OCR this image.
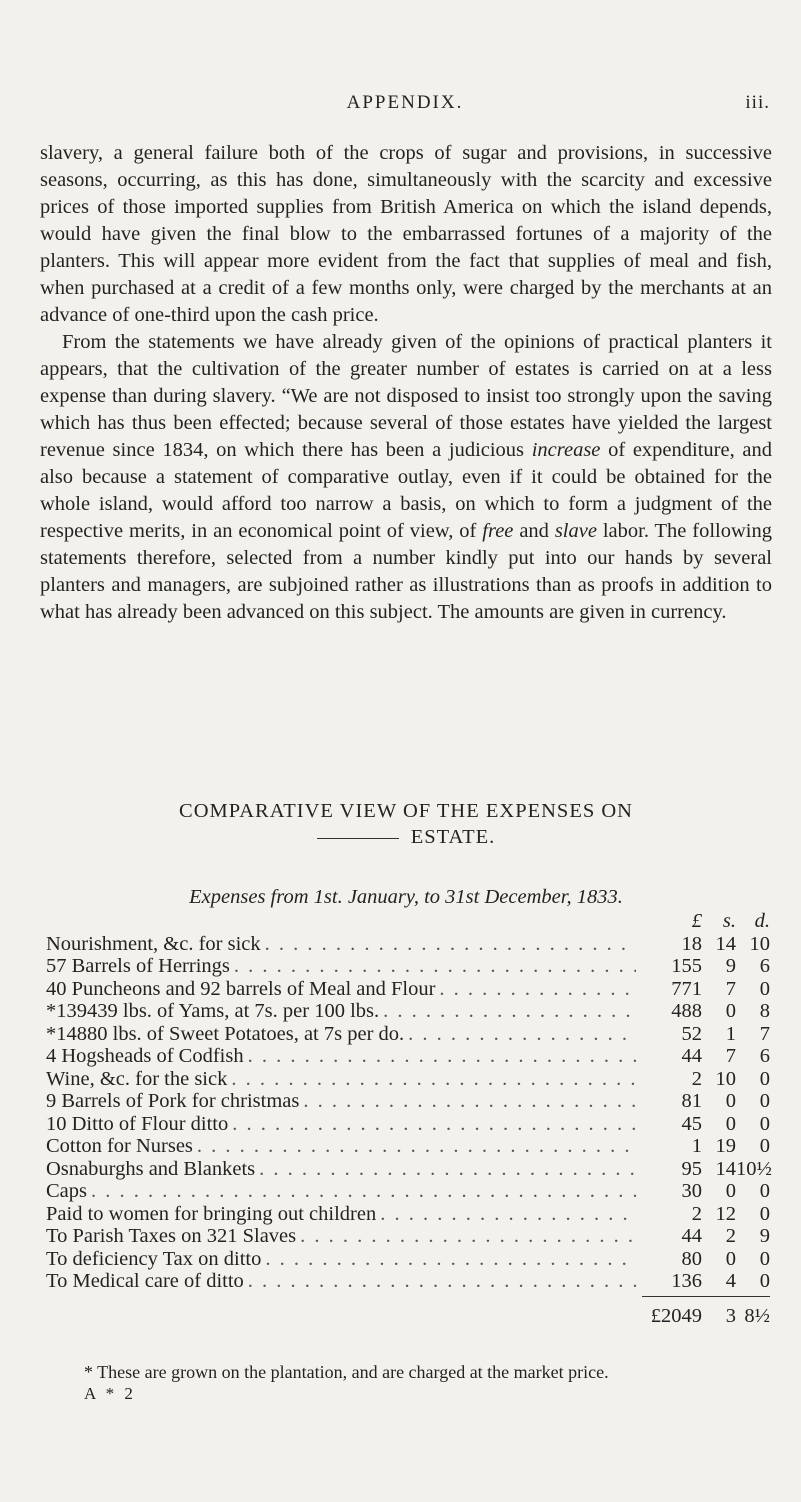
APPENDIX.	iii.

slavery, a general failure both of the crops of sugar and provisions, in successive seasons, occurring, as this has done, simultaneously with the scarcity and excessive prices of those imported supplies from British America on which the island depends, would have given the final blow to the embarrassed fortunes of a majority of the planters. This will appear more evident from the fact that supplies of meal and fish, when purchased at a credit of a few months only, were charged by the merchants at an advance of one-third upon the cash price.

From the statements we have already given of the opinions of practical planters it appears, that the cultivation of the greater number of estates is carried on at a less expense than during slavery. “We are not disposed to insist too strongly upon the saving which has thus been effected; because several of those estates have yielded the largest revenue since 1834, on which there has been a judicious increase of expenditure, and also because a statement of comparative outlay, even if it could be obtained for the whole island, would afford too narrow a basis, on which to form a judgment of the respective merits, in an economical point of view, of free and slave labor. The following statements therefore, selected from a number kindly put into our hands by several planters and managers, are subjoined rather as illustrations than as proofs in addition to what has already been advanced on this subject. The amounts are given in currency.

COMPARATIVE VIEW OF THE EXPENSES ON
ESTATE.
Expenses from 1st. January, to 31st December, 1833.
£	s. d.
Nourishment, &c. for sick . . .	18 14 10
57 Barrels of Herrings . . .	155	9	6
40 Puncheons and 92 barrels of Meal and Flour . . .	771	7	0
*139439 lbs. of Yams, at 7s. per 100 lbs. . . .	488	0	8
*14880 lbs. of Sweet Potatoes, at 7s per do. . . .	52	1	7
4 Hogsheads of Codfish . . .	44	7	6
Wine, &c. for the sick . . .	2 10	0
9 Barrels of Pork for christmas . . .	81	0	0
10 Ditto of Flour ditto . . .	45	0	0
Cotton for Nurses . . .	1 19	0
Osnaburghs and Blankets . . .	95 14 10½
Caps . . .	30	0	0
Paid to women for bringing out children . . .	2 12	0
To Parish Taxes on 321 Slaves . . .	44	2	9
To deficiency Tax on ditto . . .	80	0	0
To Medical care of ditto . . .	136	4	0
£2049	3 8½
* These are grown on the plantation, and are charged at the market price.
A * 2
